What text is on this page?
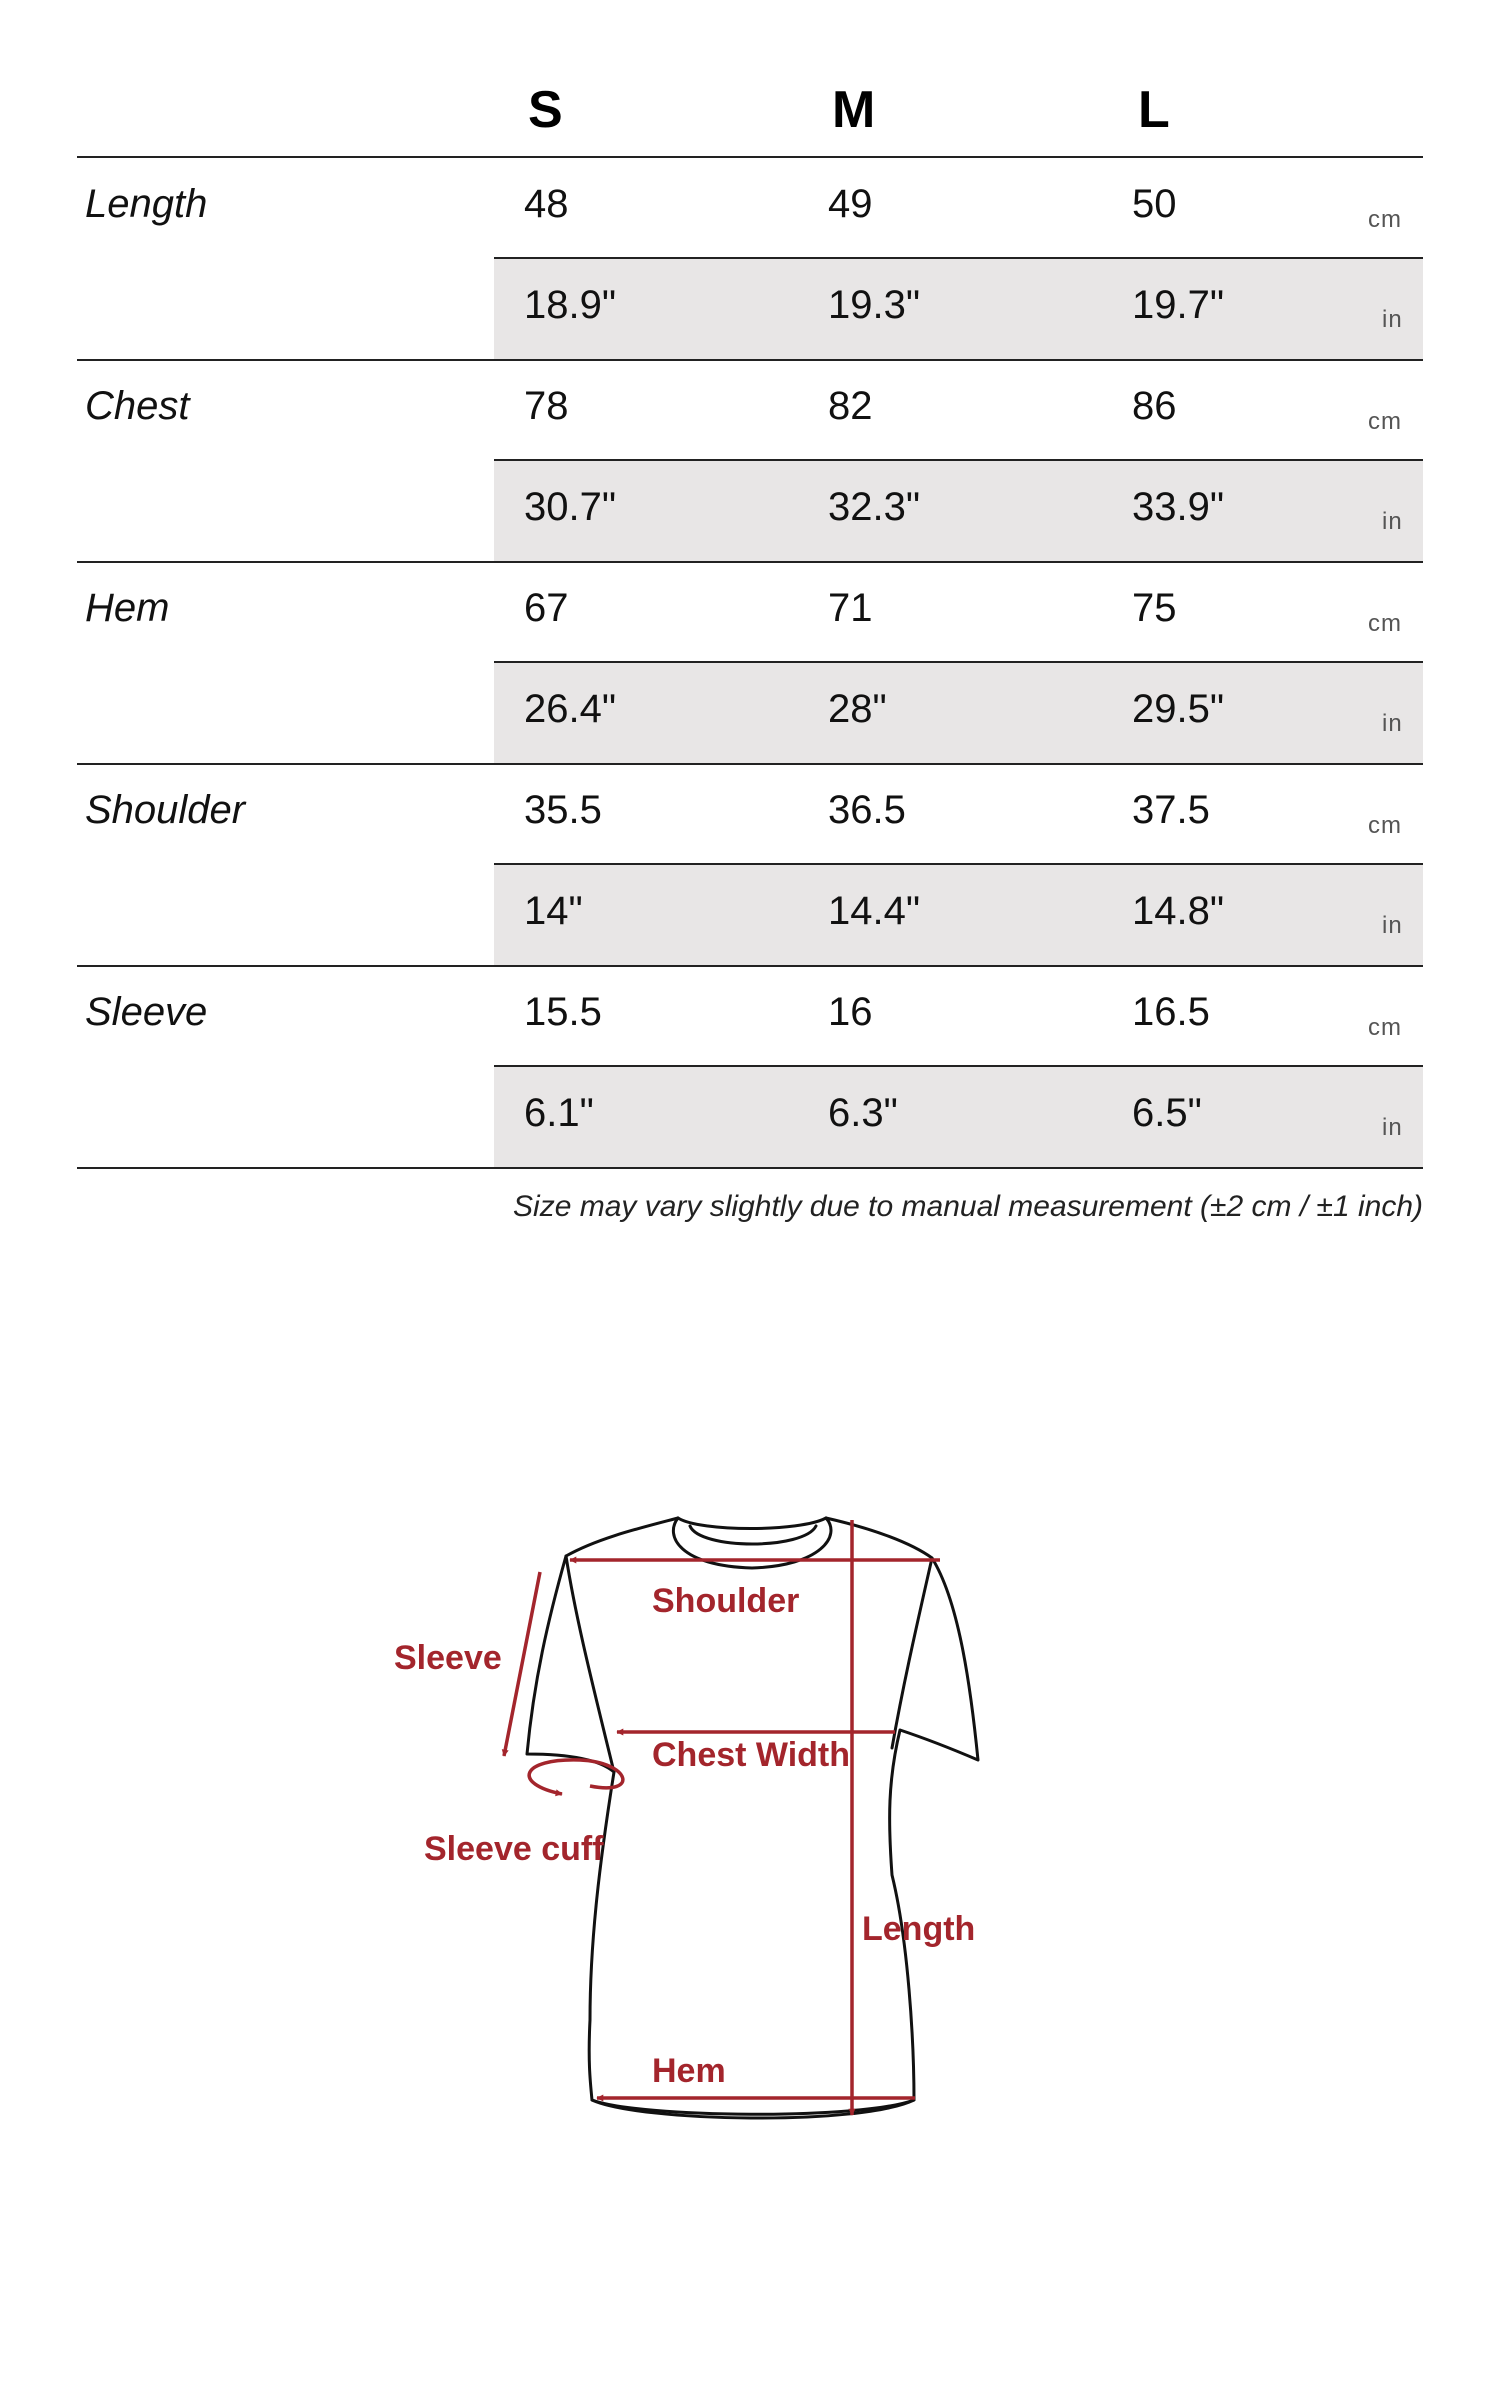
S	M	L
Length	48	49	50	cm
18.9"	19.3"	19.7"	in
Chest	78	82	86	cm
30.7"	32.3"	33.9"	in
Hem	67	71	75	cm
26.4"	28"	29.5"	in
Shoulder	35.5	36.5	37.5	cm
14"	14.4"	14.8"	in
Sleeve	15.5	16	16.5	cm
6.1"	6.3"	6.5"	in
Size may vary slightly due to manual measurement (±2 cm / ±1 inch)
Shoulder
Sleeve
Chest Width
Sleeve cuff
Length
Hem
